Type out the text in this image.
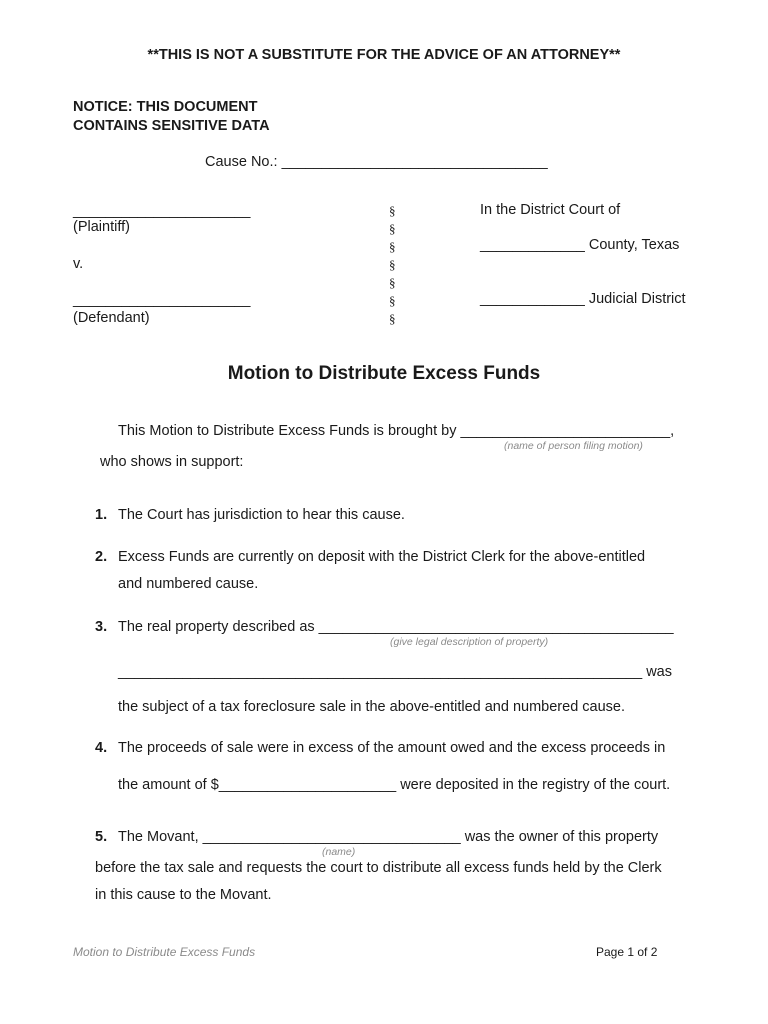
**THIS IS NOT A SUBSTITUTE FOR THE ADVICE OF AN ATTORNEY**
NOTICE: THIS DOCUMENT
CONTAINS SENSITIVE DATA
Cause No.: _________________________________
______________________
(Plaintiff)
v.
______________________
(Defendant)
§
§
§
§
§
§
§
In the District Court of
_____________ County, Texas
_____________ Judicial District
Motion to Distribute Excess Funds
This Motion to Distribute Excess Funds is brought by __________________________,
(name of person filing motion)
who shows in support:
1. The Court has jurisdiction to hear this cause.
2. Excess Funds are currently on deposit with the District Clerk for the above-entitled
and numbered cause.
3. The real property described as ____________________________________________
(give legal description of property)
_________________________________________________________________ was
the subject of a tax foreclosure sale in the above-entitled and numbered cause.
4. The proceeds of sale were in excess of the amount owed and the excess proceeds in
the amount of $______________________ were deposited in the registry of the court.
5. The Movant, ________________________________ was the owner of this property
(name)
before the tax sale and requests the court to distribute all excess funds held by the Clerk
in this cause to the Movant.
Motion to Distribute Excess Funds	Page 1 of 2
